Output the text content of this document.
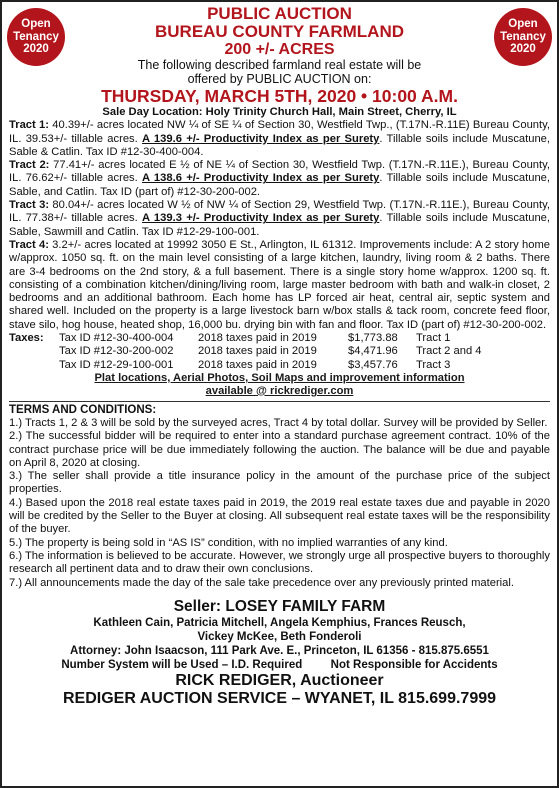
Open
Tenancy
2020
Open
Tenancy
2020
PUBLIC AUCTION
BUREAU COUNTY FARMLAND
200 +/- ACRES
The following described farmland real estate will be
offered by PUBLIC AUCTION on:
THURSDAY, MARCH 5TH, 2020 • 10:00 A.M.
Sale Day Location: Holy Trinity Church Hall, Main Street, Cherry, IL
Tract 1: 40.39+/- acres located NW ¼ of SE ¼ of Section 30, Westfield Twp., (T.17N.-R.11E) Bureau County, IL. 39.53+/- tillable acres. A 139.6 +/- Productivity Index as per Surety. Tillable soils include Muscatune, Sable & Catlin. Tax ID #12-30-400-004.
Tract 2: 77.41+/- acres located E ½ of NE ¼ of Section 30, Westfield Twp. (T.17N.-R.11E.), Bureau County, IL. 76.62+/- tillable acres. A 138.6 +/- Productivity Index as per Surety. Tillable soils include Muscatune, Sable, and Catlin. Tax ID (part of) #12-30-200-002.
Tract 3: 80.04+/- acres located W ½ of NW ¼ of Section 29, Westfield Twp. (T.17N.-R.11E.), Bureau County, IL. 77.38+/- tillable acres. A 139.3 +/- Productivity Index as per Surety. Tillable soils include Muscatune, Sable, Sawmill and Catlin. Tax ID #12-29-100-001.
Tract 4: 3.2+/- acres located at 19992 3050 E St., Arlington, IL 61312. Improvements include: A 2 story home w/approx. 1050 sq. ft. on the main level consisting of a large kitchen, laundry, living room & 2 baths. There are 3-4 bedrooms on the 2nd story, & a full basement. There is a single story home w/approx. 1200 sq. ft. consisting of a combination kitchen/dining/living room, large master bedroom with bath and walk-in closet, 2 bedrooms and an additional bathroom. Each home has LP forced air heat, central air, septic system and shared well. Included on the property is a large livestock barn w/box stalls & tack room, concrete feed floor, stave silo, hog house, heated shop, 16,000 bu. drying bin with fan and floor. Tax ID (part of) #12-30-200-002.
Taxes:	Tax ID #12-30-400-004	2018 taxes paid in 2019	$1,773.88	Tract 1
Tax ID #12-30-200-002	2018 taxes paid in 2019	$4,471.96	Tract 2 and 4
Tax ID #12-29-100-001	2018 taxes paid in 2019	$3,457.76	Tract 3
Plat locations, Aerial Photos, Soil Maps and improvement information
available @ rickrediger.com
TERMS AND CONDITIONS:
1.) Tracts 1, 2 & 3 will be sold by the surveyed acres, Tract 4 by total dollar. Survey will be provided by Seller.
2.) The successful bidder will be required to enter into a standard purchase agreement contract. 10% of the contract purchase price will be due immediately following the auction. The balance will be due and payable on April 8, 2020 at closing.
3.) The seller shall provide a title insurance policy in the amount of the purchase price of the subject properties.
4.) Based upon the 2018 real estate taxes paid in 2019, the 2019 real estate taxes due and payable in 2020 will be credited by the Seller to the Buyer at closing. All subsequent real estate taxes will be the responsibility of the buyer.
5.) The property is being sold in “AS IS” condition, with no implied warranties of any kind.
6.) The information is believed to be accurate. However, we strongly urge all prospective buyers to thoroughly research all pertinent data and to draw their own conclusions.
7.) All announcements made the day of the sale take precedence over any previously printed material.
Seller: LOSEY FAMILY FARM
Kathleen Cain, Patricia Mitchell, Angela Kemphius, Frances Reusch,
Vickey McKee, Beth Fonderoli
Attorney: John Isaacson, 111 Park Ave. E., Princeton, IL 61356 - 815.875.6551
Number System will be Used – I.D. Required Not Responsible for Accidents
RICK REDIGER, Auctioneer
REDIGER AUCTION SERVICE – WYANET, IL 815.699.7999
